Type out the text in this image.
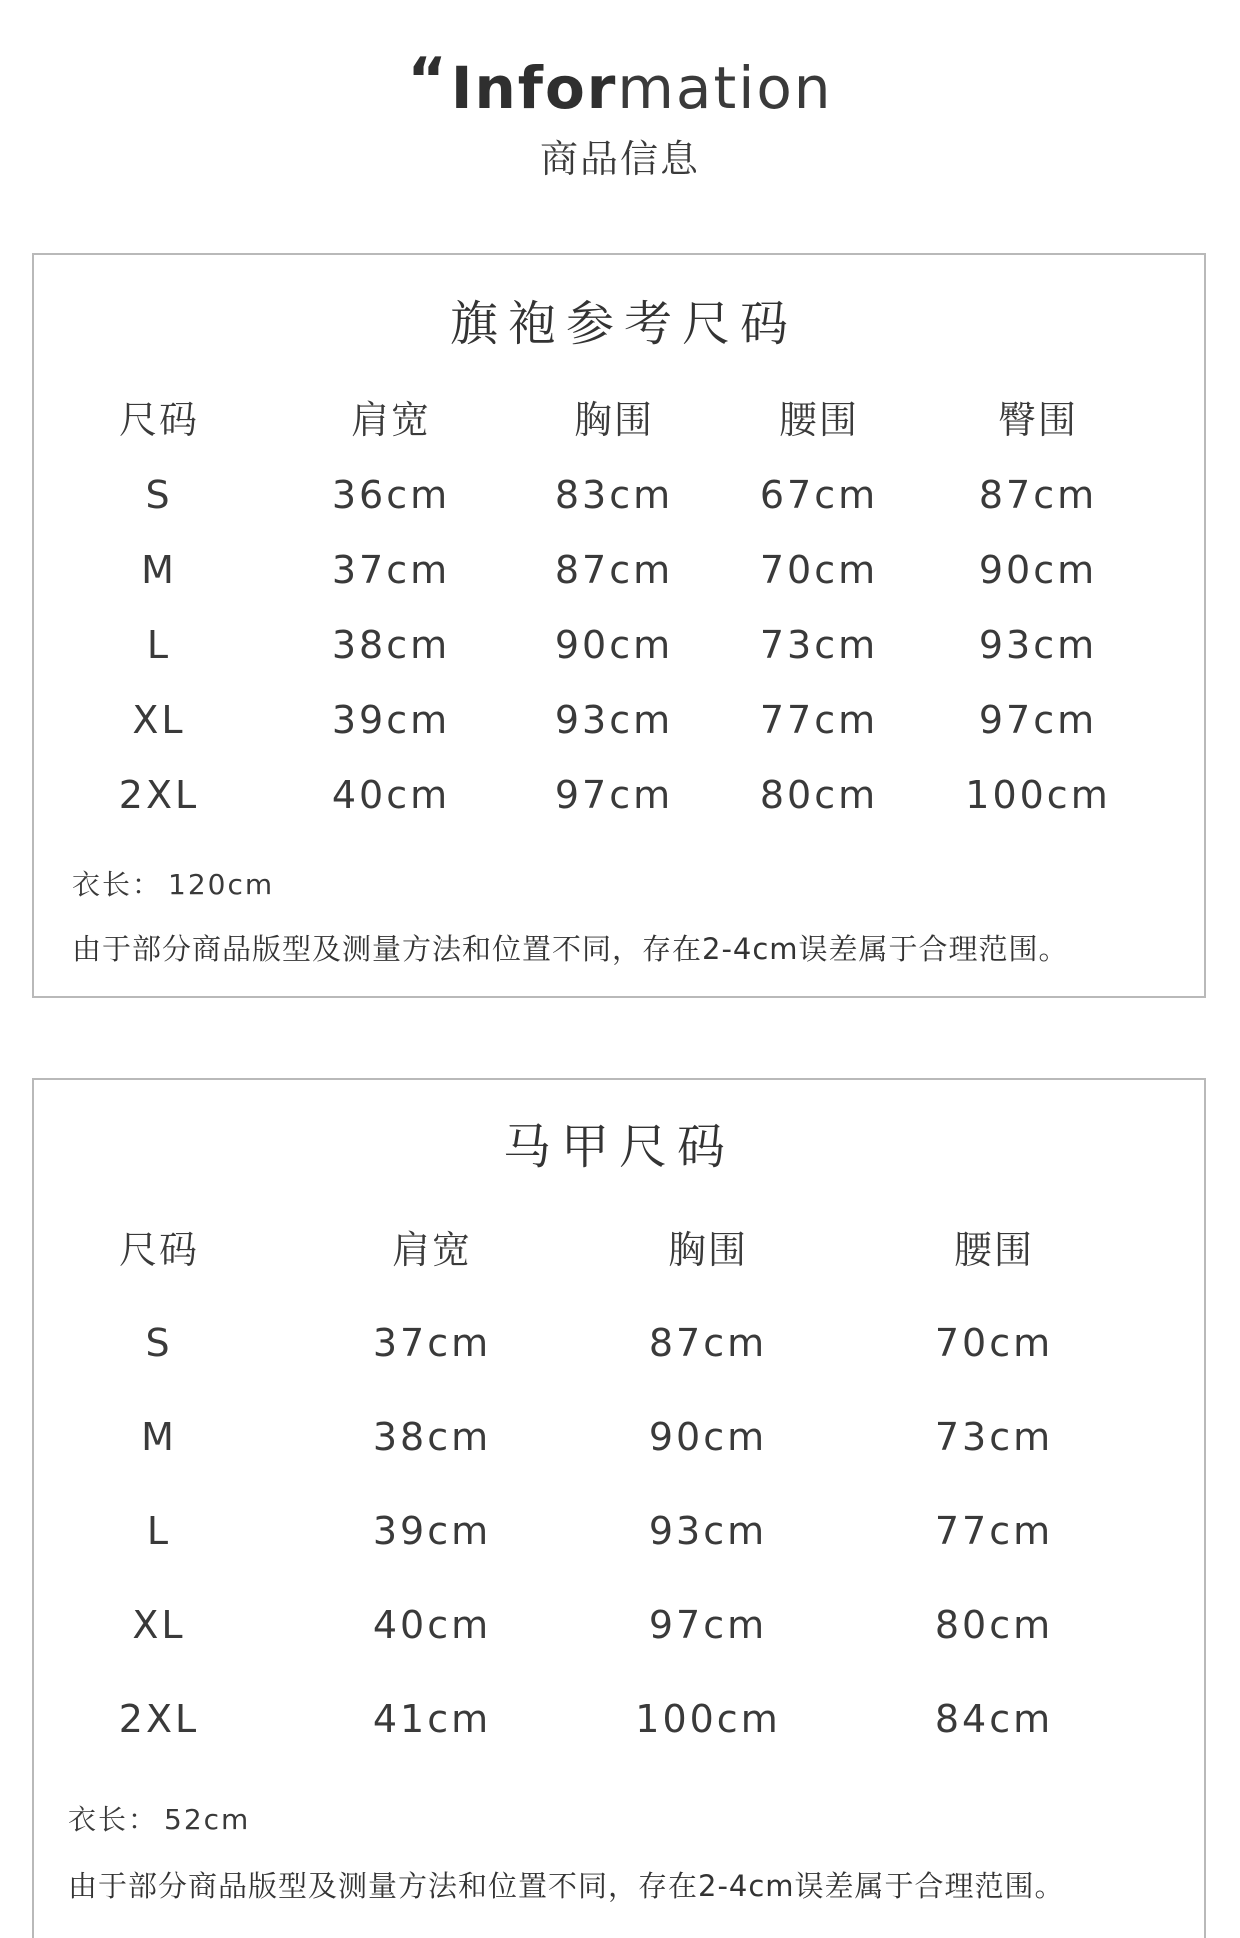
“Information
商品信息
旗袍参考尺码
尺码	肩宽	胸围	腰围	臀围
S	36cm	83cm	67cm	87cm
M	37cm	87cm	70cm	90cm
L	38cm	90cm	73cm	93cm
XL	39cm	93cm	77cm	97cm
2XL	40cm	97cm	80cm	100cm
衣长： 120cm
由于部分商品版型及测量方法和位置不同，存在2-4cm误差属于合理范围。
马甲尺码
尺码	肩宽	胸围	腰围
S	37cm	87cm	70cm
M	38cm	90cm	73cm
L	39cm	93cm	77cm
XL	40cm	97cm	80cm
2XL	41cm	100cm	84cm
衣长： 52cm
由于部分商品版型及测量方法和位置不同，存在2-4cm误差属于合理范围。
